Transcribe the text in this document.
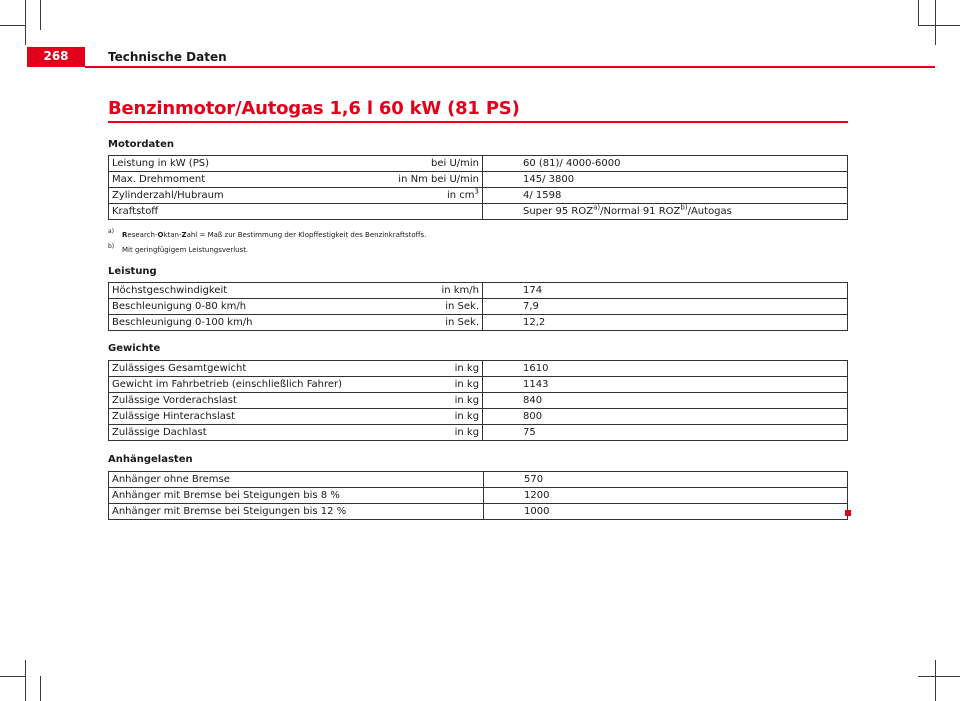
268	Technische Daten
Benzinmotor/Autogas 1,6 l 60 kW (81 PS)
Motordaten
Leistung in kW (PS)	bei U/min	60 (81)/ 4000-6000
Max. Drehmoment	in Nm bei U/min	145/ 3800
Zylinderzahl/Hubraum	in $cm^3$	4/ 1598
Kraftstoff		Super 95 ROZ$^{a)}$/Normal 91 ROZ$^{b)}$/Autogas
a) Research-Oktan-Zahl = Maß zur Bestimmung der Klopffestigkeit des Benzinkraftstoffs.
b) Mit geringfügigem Leistungsverlust.
Leistung
Höchstgeschwindigkeit	in km/h	174
Beschleunigung 0-80 km/h	in Sek.	7,9
Beschleunigung 0-100 km/h	in Sek.	12,2
Gewichte
Zulässiges Gesamtgewicht	in kg	1610
Gewicht im Fahrbetrieb (einschließlich Fahrer)	in kg	1143
Zulässige Vorderachslast	in kg	840
Zulässige Hinterachslast	in kg	800
Zulässige Dachlast	in kg	75
Anhängelasten
Anhänger ohne Bremse	570
Anhänger mit Bremse bei Steigungen bis 8 %	1200
Anhänger mit Bremse bei Steigungen bis 12 %	1000
